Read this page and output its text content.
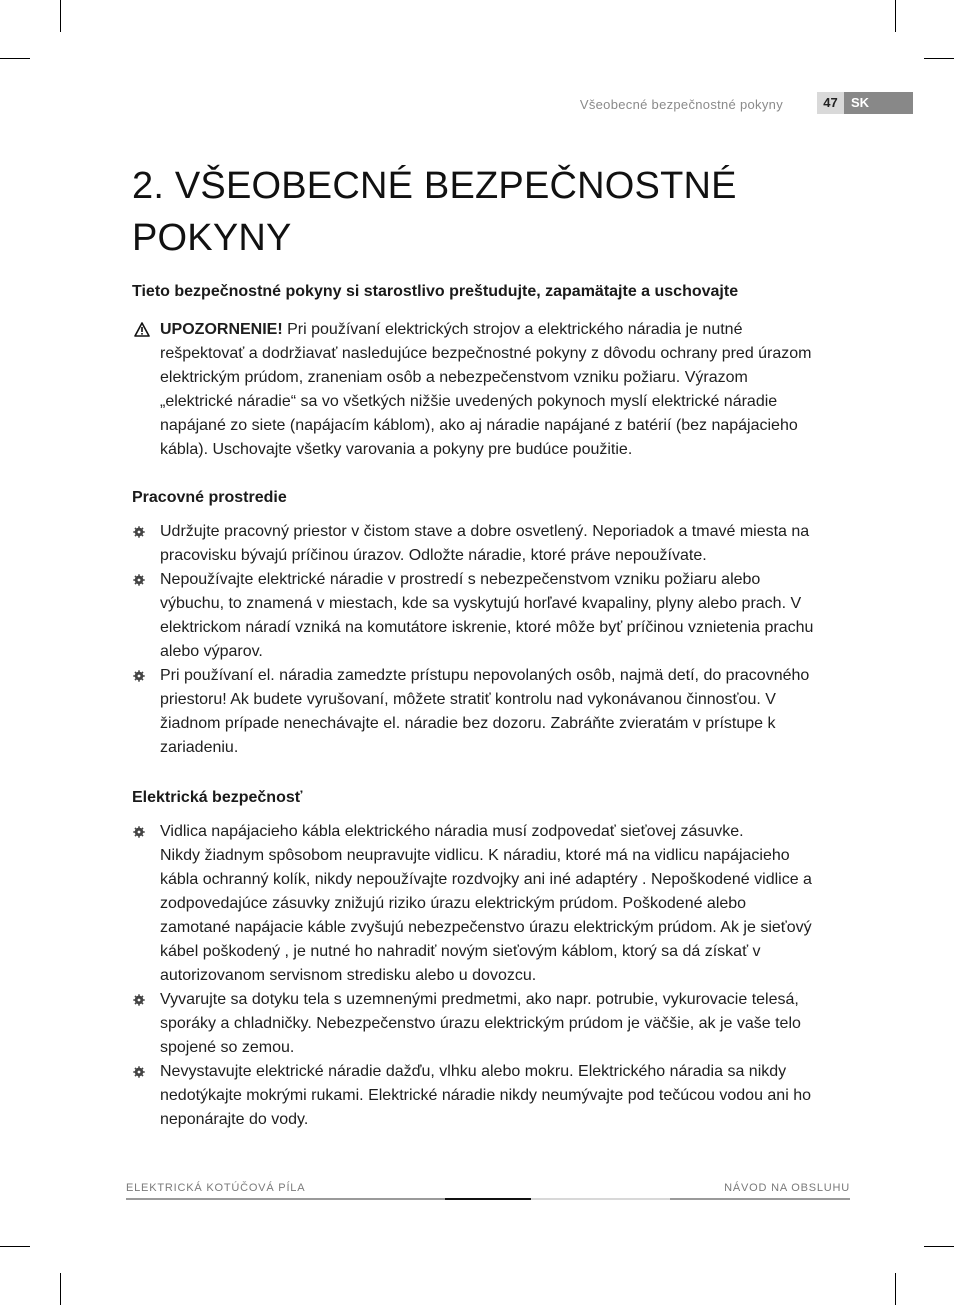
Všeobecné bezpečnostné pokyny	47	SK
2. VŠEOBECNÉ BEZPEČNOSTNÉ POKYNY

Tieto bezpečnostné pokyny si starostlivo preštudujte, zapamätajte a uschovajte

UPOZORNENIE! Pri používaní elektrických strojov a elektrického náradia je nutné rešpektovať a dodržiavať nasledujúce bezpečnostné pokyny z dôvodu ochrany pred úrazom elektrickým prúdom, zraneniam osôb a nebezpečenstvom vzniku požiaru. Výrazom „elektrické náradie“ sa vo všetkých nižšie uvedených pokynoch myslí elektrické náradie napájané zo siete (napájacím káblom), ako aj náradie napájané z batérií (bez napájacieho kábla). Uschovajte všetky varovania a pokyny pre budúce použitie.
Pracovné prostredie
Udržujte pracovný priestor v čistom stave a dobre osvetlený. Neporiadok a tmavé miesta na pracovisku bývajú príčinou úrazov. Odložte náradie, ktoré práve nepoužívate.
Nepoužívajte elektrické náradie v prostredí s nebezpečenstvom vzniku požiaru alebo výbuchu, to znamená v miestach, kde sa vyskytujú horľavé kvapaliny, plyny alebo prach. V elektrickom náradí vzniká na komutátore iskrenie, ktoré môže byť príčinou vznietenia prachu alebo výparov.
Pri používaní el. náradia zamedzte prístupu nepovolaných osôb, najmä detí, do pracovného priestoru! Ak budete vyrušovaní, môžete stratiť kontrolu nad vykonávanou činnosťou. V žiadnom prípade nenechávajte el. náradie bez dozoru. Zabráňte zvieratám v prístupe k zariadeniu.
Elektrická bezpečnosť
Vidlica napájacieho kábla elektrického náradia musí zodpovedať sieťovej zásuvke.
Nikdy žiadnym spôsobom neupravujte vidlicu. K náradiu, ktoré má na vidlicu napájacieho kábla ochranný kolík, nikdy nepoužívajte rozdvojky ani iné adaptéry . Nepoškodené vidlice a zodpovedajúce zásuvky znižujú riziko úrazu elektrickým prúdom. Poškodené alebo zamotané napájacie káble zvyšujú nebezpečenstvo úrazu elektrickým prúdom. Ak je sieťový kábel poškodený , je nutné ho nahradiť novým sieťovým káblom, ktorý sa dá získať v autorizovanom servisnom stredisku alebo u dovozcu.
Vyvarujte sa dotyku tela s uzemnenými predmetmi, ako napr. potrubie, vykurovacie telesá, sporáky a chladničky. Nebezpečenstvo úrazu elektrickým prúdom je väčšie, ak je vaše telo spojené so zemou.
Nevystavujte elektrické náradie dažďu, vlhku alebo mokru. Elektrického náradia sa nikdy nedotýkajte mokrými rukami. Elektrické náradie nikdy neumývajte pod tečúcou vodou ani ho neponárajte do vody.
ELEKTRICKÁ KOTÚČOVÁ PÍLA	NÁVOD NA OBSLUHU
